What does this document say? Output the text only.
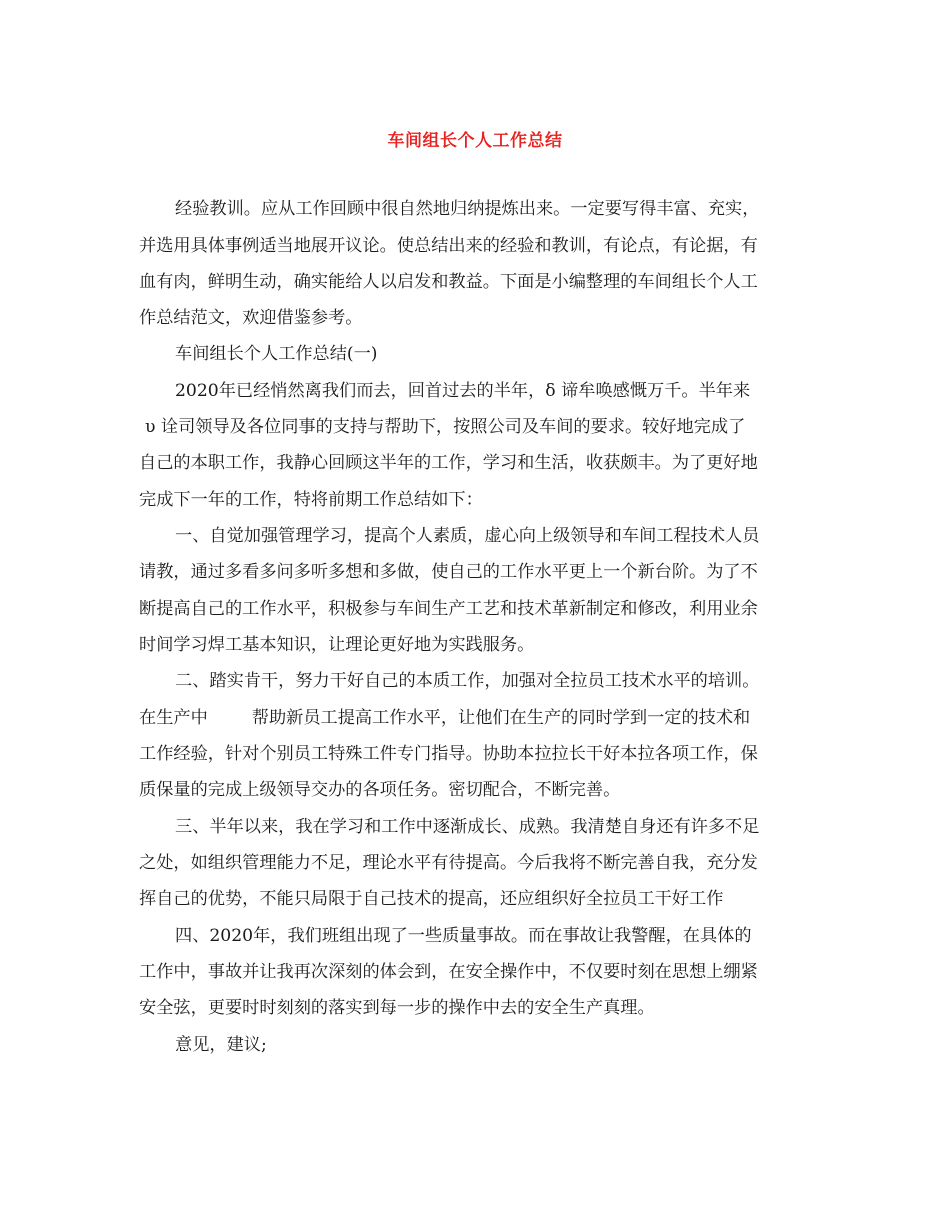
车间组长个人工作总结
经验教训。应从工作回顾中很自然地归纳提炼出来。一定要写得丰富、充实，
并选用具体事例适当地展开议论。使总结出来的经验和教训，有论点，有论据，有
血有肉，鲜明生动，确实能给人以启发和教益。下面是小编整理的车间组长个人工
作总结范文，欢迎借鉴参考。
车间组长个人工作总结(一)
2020年已经悄然离我们而去，回首过去的半年，δ 谛牟唤感慨万千。半年来
υ 诠司领导及各位同事的支持与帮助下，按照公司及车间的要求。较好地完成了
自己的本职工作，我静心回顾这半年的工作，学习和生活，收获颇丰。为了更好地
完成下一年的工作，特将前期工作总结如下：
一、自觉加强管理学习，提高个人素质，虚心向上级领导和车间工程技术人员
请教，通过多看多问多听多想和多做，使自己的工作水平更上一个新台阶。为了不
断提高自己的工作水平，积极参与车间生产工艺和技术革新制定和修改，利用业余
时间学习焊工基本知识，让理论更好地为实践服务。
二、踏实肯干，努力干好自己的本质工作，加强对全拉员工技术水平的培训。
在生产中	帮助新员工提高工作水平，让他们在生产的同时学到一定的技术和
工作经验，针对个别员工特殊工件专门指导。协助本拉拉长干好本拉各项工作，保
质保量的完成上级领导交办的各项任务。密切配合，不断完善。
三、半年以来，我在学习和工作中逐渐成长、成熟。我清楚自身还有许多不足
之处，如组织管理能力不足，理论水平有待提高。今后我将不断完善自我，充分发
挥自己的优势，不能只局限于自己技术的提高，还应组织好全拉员工干好工作
四、2020年，我们班组出现了一些质量事故。而在事故让我警醒，在具体的
工作中，事故并让我再次深刻的体会到，在安全操作中，不仅要时刻在思想上绷紧
安全弦，更要时时刻刻的落实到每一步的操作中去的安全生产真理。
意见，建议;
